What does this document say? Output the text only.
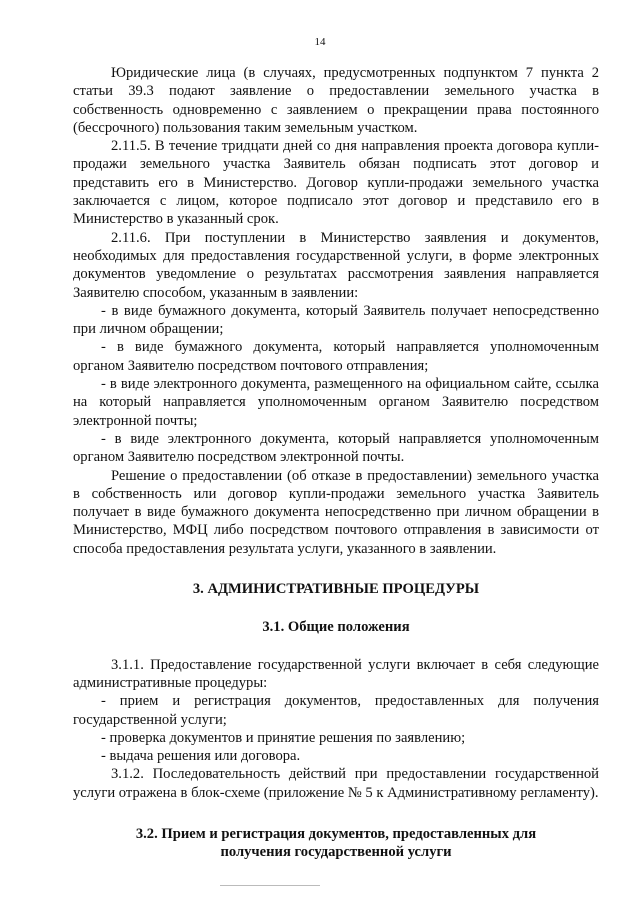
14

Юридические лица (в случаях, предусмотренных подпунктом 7 пункта 2 статьи 39.3 подают заявление о предоставлении земельного участка в собственность одновременно с заявлением о прекращении права постоянного (бессрочного) пользования таким земельным участком.

2.11.5. В течение тридцати дней со дня направления проекта договора купли-продажи земельного участка Заявитель обязан подписать этот договор и представить его в Министерство. Договор купли-продажи земельного участка заключается с лицом, которое подписало этот договор и представило его в Министерство в указанный срок.

2.11.6. При поступлении в Министерство заявления и документов, необходимых для предоставления государственной услуги, в форме электронных документов уведомление о результатах рассмотрения заявления направляется Заявителю способом, указанным в заявлении:

- в виде бумажного документа, который Заявитель получает непосредственно при личном обращении;

- в виде бумажного документа, который направляется уполномоченным органом Заявителю посредством почтового отправления;

- в виде электронного документа, размещенного на официальном сайте, ссылка на который направляется уполномоченным органом Заявителю посредством электронной почты;

- в виде электронного документа, который направляется уполномоченным органом Заявителю посредством электронной почты.

Решение о предоставлении (об отказе в предоставлении) земельного участка в собственность или договор купли-продажи земельного участка Заявитель получает в виде бумажного документа непосредственно при личном обращении в Министерство, МФЦ либо посредством почтового отправления в зависимости от способа предоставления результата услуги, указанного в заявлении.

3. АДМИНИСТРАТИВНЫЕ ПРОЦЕДУРЫ
3.1. Общие положения

3.1.1. Предоставление государственной услуги включает в себя следующие административные процедуры:

- прием и регистрация документов, предоставленных для получения государственной услуги;

- проверка документов и принятие решения по заявлению;

- выдача решения или договора.

3.1.2. Последовательность действий при предоставлении государственной услуги отражена в блок-схеме (приложение № 5 к Административному регламенту).

3.2. Прием и регистрация документов, предоставленных для получения государственной услуги
